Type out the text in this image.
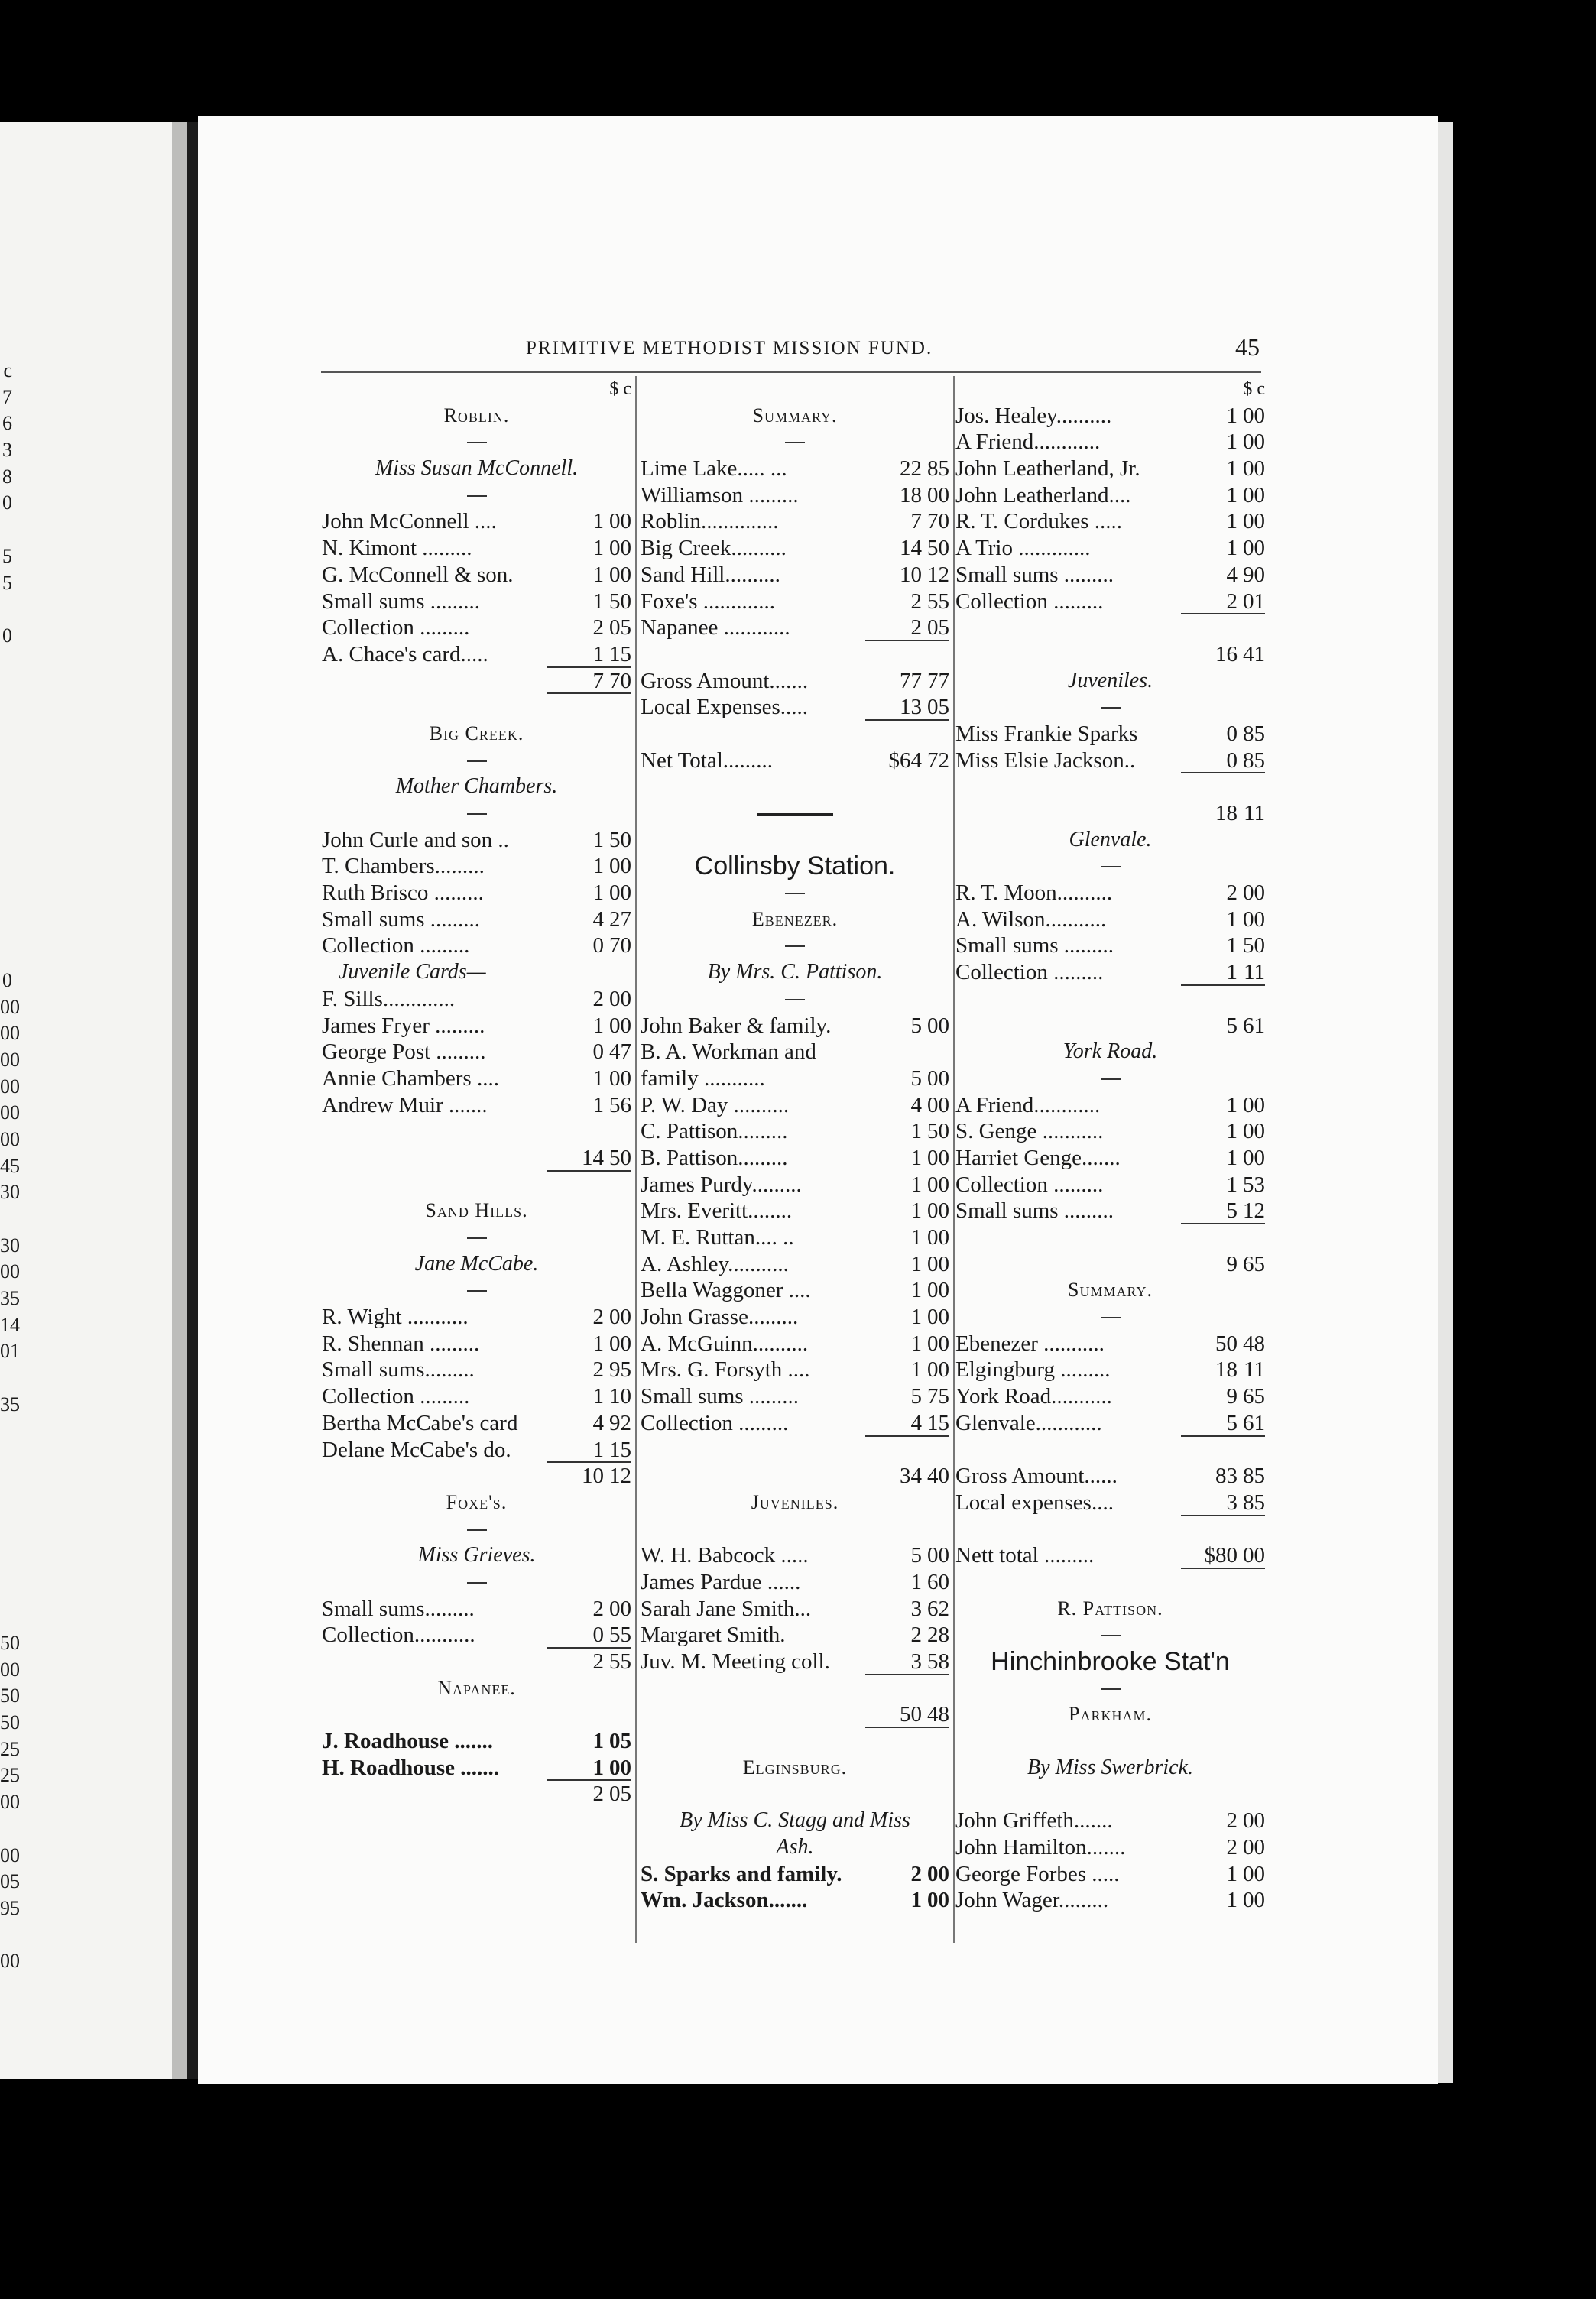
c
7
6
3
8
0
5
5
0
0
00
00
00
00
00
00
45
30
30
00
35
14
01
35
50
00
50
50
25
25
00
00
05
95
00
PRIMITIVE METHODIST MISSION FUND.	45
$ c
Roblin.
Miss Susan McConnell.
John McConnell ....	1 00
N. Kimont .........	1 00
G. McConnell & son.	1 00
Small sums .........	1 50
Collection .........	2 05
A. Chace's card.....	1 15
7 70
Big Creek.
Mother Chambers.
John Curle and son ..	1 50
T. Chambers.........	1 00
Ruth Brisco .........	1 00
Small sums .........	4 27
Collection .........	0 70
Juvenile Cards—
F. Sills.............	2 00
James Fryer .........	1 00
George Post .........	0 47
Annie Chambers ....	1 00
Andrew Muir .......	1 56
14 50
Sand Hills.
Jane McCabe.
R. Wight ...........	2 00
R. Shennan .........	1 00
Small sums.........	2 95
Collection .........	1 10
Bertha McCabe's card	4 92
Delane McCabe's do.	1 15
10 12
Foxe's.
Miss Grieves.
Small sums.........	2 00
Collection...........	0 55
2 55
Napanee.
J. Roadhouse .......	1 05
H. Roadhouse .......	1 00
2 05
Summary.
Lime Lake..... ...	22 85
Williamson .........	18 00
Roblin..............	7 70
Big Creek..........	14 50
Sand Hill..........	10 12
Foxe's .............	2 55
Napanee ............	2 05
Gross Amount.......	77 77
Local Expenses.....	13 05
Net Total.........	$64 72
Collinsby Station.
Ebenezer.
By Mrs. C. Pattison.
John Baker & family.	5 00
B. A. Workman and
family ...........	5 00
P. W. Day ..........	4 00
C. Pattison.........	1 50
B. Pattison.........	1 00
James Purdy.........	1 00
Mrs. Everitt........	1 00
M. E. Ruttan.... ..	1 00
A. Ashley...........	1 00
Bella Waggoner ....	1 00
John Grasse.........	1 00
A. McGuinn..........	1 00
Mrs. G. Forsyth ....	1 00
Small sums .........	5 75
Collection .........	4 15
34 40
Juveniles.
W. H. Babcock .....	5 00
James Pardue ......	1 60
Sarah Jane Smith...	3 62
Margaret Smith.	2 28
Juv. M. Meeting coll.	3 58
50 48
Elginsburg.
By Miss C. Stagg and Miss
Ash.
S. Sparks and family.	2 00
Wm. Jackson.......	1 00
$ c
Jos. Healey..........	1 00
A Friend............	1 00
John Leatherland, Jr.	1 00
John Leatherland....	1 00
R. T. Cordukes .....	1 00
A Trio .............	1 00
Small sums .........	4 90
Collection .........	2 01
16 41
Juveniles.
Miss Frankie Sparks	0 85
Miss Elsie Jackson..	0 85
18 11
Glenvale.
R. T. Moon..........	2 00
A. Wilson...........	1 00
Small sums .........	1 50
Collection .........	1 11
5 61
York Road.
A Friend............	1 00
S. Genge ...........	1 00
Harriet Genge.......	1 00
Collection .........	1 53
Small sums .........	5 12
9 65
Summary.
Ebenezer ...........	50 48
Elgingburg .........	18 11
York Road...........	9 65
Glenvale............	5 61
Gross Amount......	83 85
Local expenses....	3 85
Nett total .........	$80 00
R. Pattison.
Hinchinbrooke Stat'n
Parkham.
By Miss Swerbrick.
John Griffeth.......	2 00
John Hamilton.......	2 00
George Forbes .....	1 00
John Wager.........	1 00
